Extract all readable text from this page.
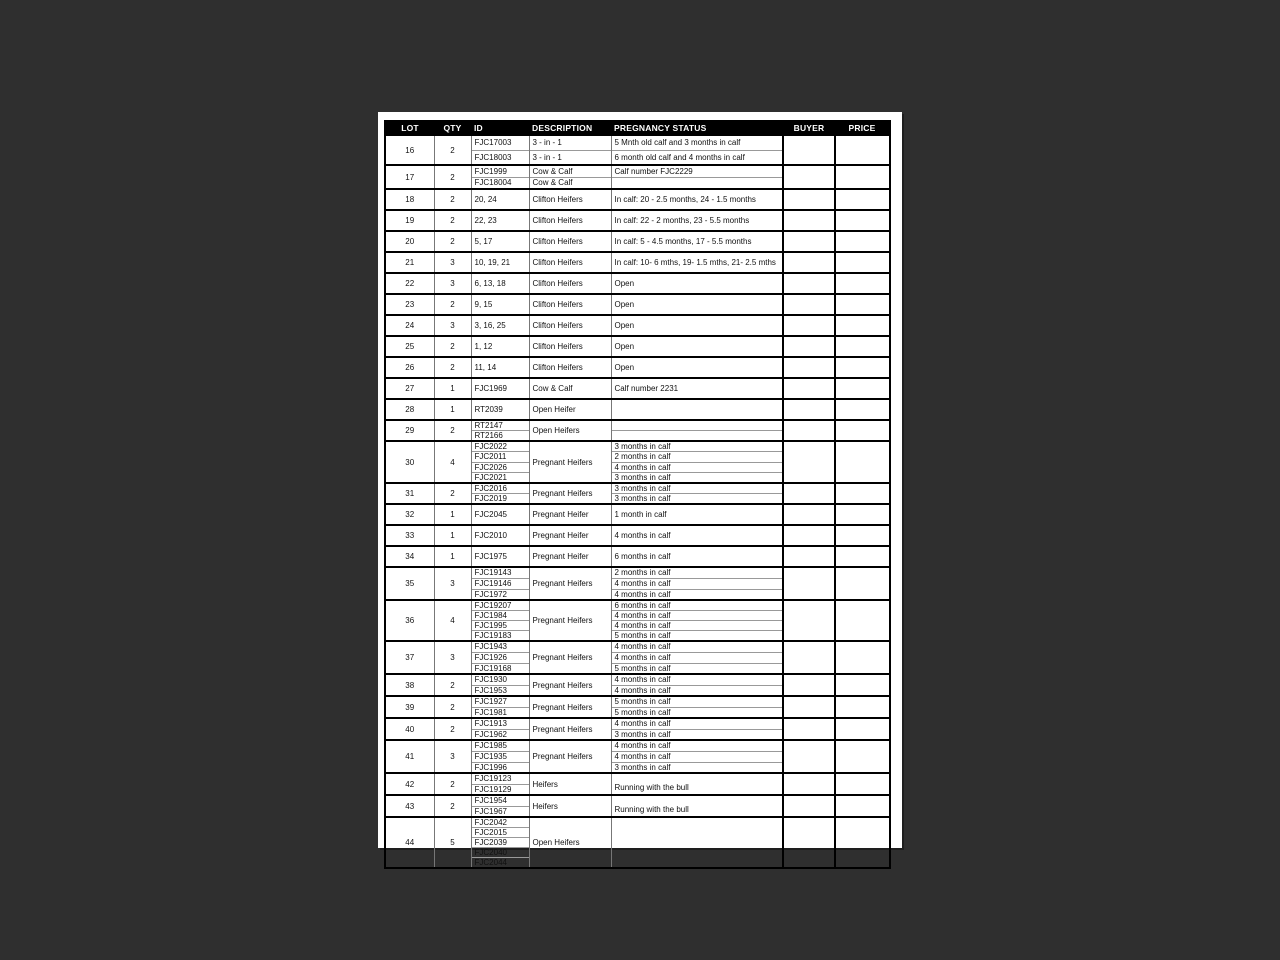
LOT	QTY	ID	DESCRIPTION	PREGNANCY STATUS	BUYER	PRICE
16	2	FJC17003	3 - in - 1	5 Mnth old calf and 3 months in calf		
		FJC18003	3 - in - 1	6 month old calf and 4 months in calf		
17	2	FJC1999	Cow & Calf	Calf number FJC2229		
		FJC18004	Cow & Calf			
18	2	20, 24	Clifton Heifers	In calf: 20 - 2.5 months, 24 - 1.5 months		
19	2	22, 23	Clifton Heifers	In calf: 22 - 2 months, 23 - 5.5 months		
20	2	5, 17	Clifton Heifers	In calf: 5 - 4.5 months, 17 - 5.5 months		
21	3	10, 19, 21	Clifton Heifers	In calf: 10- 6 mths, 19- 1.5 mths, 21- 2.5 mths		
22	3	6, 13, 18	Clifton Heifers	Open		
23	2	9, 15	Clifton Heifers	Open		
24	3	3, 16, 25	Clifton Heifers	Open		
25	2	1, 12	Clifton Heifers	Open		
26	2	11, 14	Clifton Heifers	Open		
27	1	FJC1969	Cow & Calf	Calf number 2231		
28	1	RT2039	Open Heifer			
29	2	RT2147	Open Heifers			
		RT2166				
30	4	FJC2022	Pregnant Heifers	3 months in calf		
		FJC2011		2 months in calf		
		FJC2026		4 months in calf		
		FJC2021		3 months in calf		
31	2	FJC2016	Pregnant Heifers	3 months in calf		
		FJC2019		3 months in calf		
32	1	FJC2045	Pregnant Heifer	1 month in calf		
33	1	FJC2010	Pregnant Heifer	4 months in calf		
34	1	FJC1975	Pregnant Heifer	6 months in calf		
35	3	FJC19143	Pregnant Heifers	2 months in calf		
		FJC19146		4 months in calf		
		FJC1972		4 months in calf		
36	4	FJC19207	Pregnant Heifers	6 months in calf		
		FJC1984		4 months in calf		
		FJC1995		4 months in calf		
		FJC19183		5 months in calf		
37	3	FJC1943	Pregnant Heifers	4 months in calf		
		FJC1926		4 months in calf		
		FJC19168		5 months in calf		
38	2	FJC1930	Pregnant Heifers	4 months in calf		
		FJC1953		4 months in calf		
39	2	FJC1927	Pregnant Heifers	5 months in calf		
		FJC1981		5 months in calf		
40	2	FJC1913	Pregnant Heifers	4 months in calf		
		FJC1962		3 months in calf		
41	3	FJC1985	Pregnant Heifers	4 months in calf		
		FJC1935		4 months in calf		
		FJC1996		3 months in calf		
42	2	FJC19123	Heifers	Running with the bull		
		FJC19129				
43	2	FJC1954	Heifers	Running with the bull		
		FJC1967				
44	5	FJC2042	Open Heifers			
		FJC2015				
		FJC2039				
		FJC2040				
		FJC2044				
